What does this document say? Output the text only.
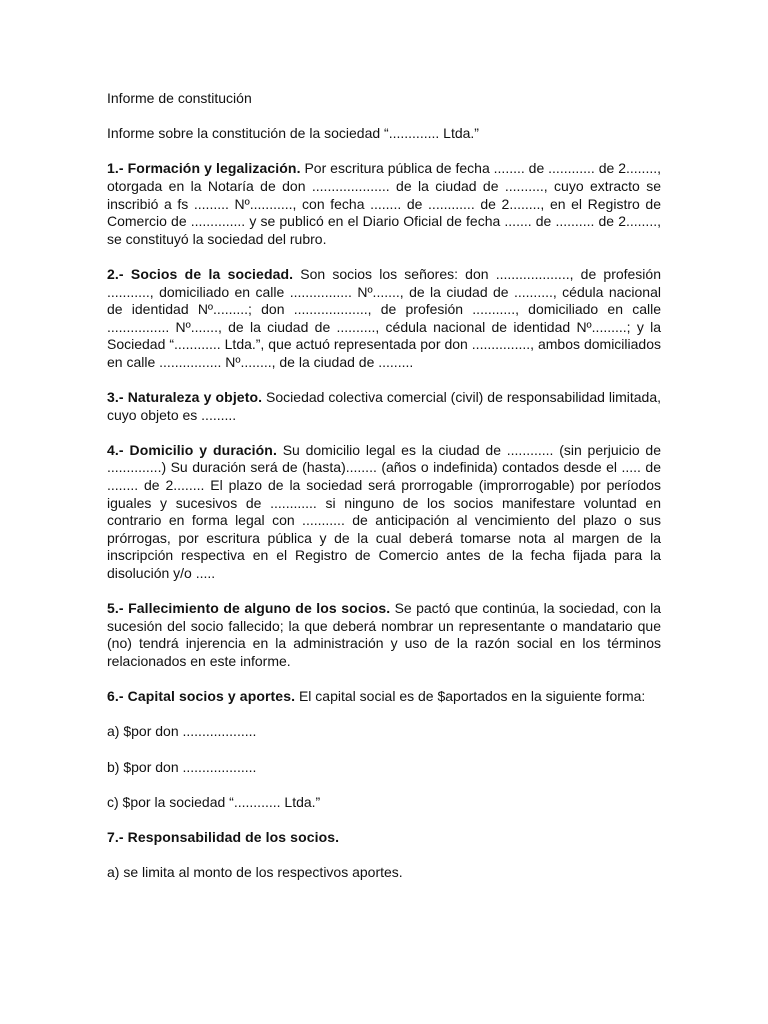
Informe de constitución

Informe sobre la constitución de la sociedad “............. Ltda.”

1.- Formación y legalización. Por escritura pública de fecha ........ de ............ de 2........, otorgada en la Notaría de don .................... de la ciudad de .........., cuyo extracto se inscribió a fs ......... Nº..........., con fecha ........ de ............ de 2........, en el Registro de Comercio de .............. y se publicó en el Diario Oficial de fecha ....... de .......... de 2........, se constituyó la sociedad del rubro.

2.- Socios de la sociedad. Son socios los señores: don ..................., de profesión ..........., domiciliado en calle ................ Nº......., de la ciudad de .........., cédula nacional de identidad Nº.........; don ..................., de profesión ..........., domiciliado en calle ................ Nº......., de la ciudad de .........., cédula nacional de identidad Nº.........; y la Sociedad “............ Ltda.”, que actuó representada por don ..............., ambos domiciliados en calle ................ Nº........, de la ciudad de .........

3.- Naturaleza y objeto. Sociedad colectiva comercial (civil) de responsabilidad limitada, cuyo objeto es .........

4.- Domicilio y duración. Su domicilio legal es la ciudad de ............ (sin perjuicio de ..............) Su duración será de (hasta)........ (años o indefinida) contados desde el ..... de ........ de 2........ El plazo de la sociedad será prorrogable (improrrogable) por períodos iguales y sucesivos de ............ si ninguno de los socios manifestare voluntad en contrario en forma legal con ........... de anticipación al vencimiento del plazo o sus prórrogas, por escritura pública y de la cual deberá tomarse nota al margen de la inscripción respectiva en el Registro de Comercio antes de la fecha fijada para la disolución y/o .....

5.- Fallecimiento de alguno de los socios. Se pactó que continúa, la sociedad, con la sucesión del socio fallecido; la que deberá nombrar un representante o mandatario que (no) tendrá injerencia en la administración y uso de la razón social en los términos relacionados en este informe.

6.- Capital socios y aportes. El capital social es de $aportados en la siguiente forma:

a) $por don ...................

b) $por don ...................

c) $por la sociedad “............ Ltda.”

7.- Responsabilidad de los socios.

a) se limita al monto de los respectivos aportes.
